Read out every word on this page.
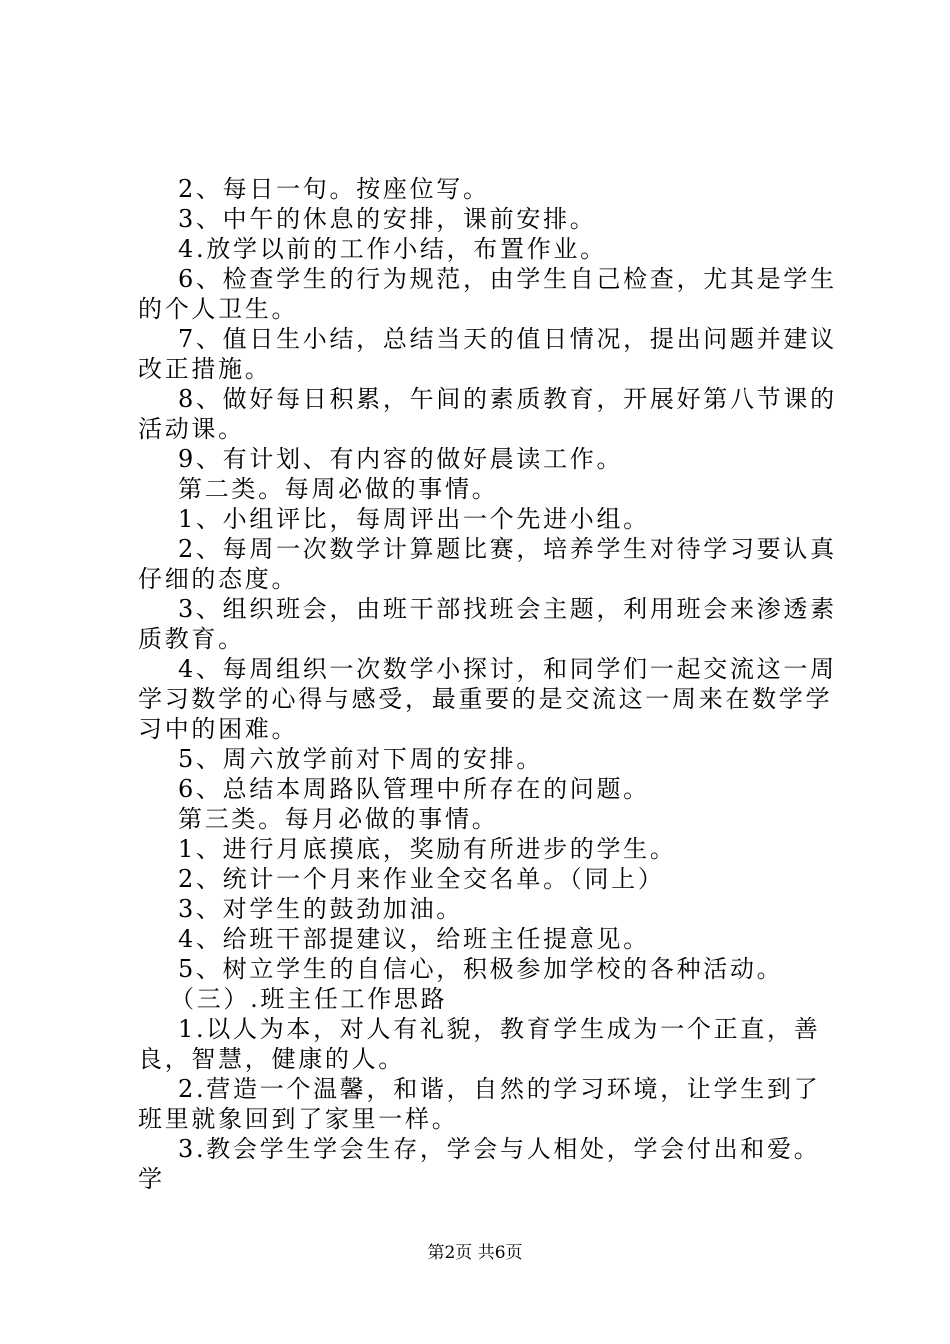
2、每日一句。按座位写。

3、中午的休息的安排，课前安排。

4.放学以前的工作小结，布置作业。

6、检查学生的行为规范，由学生自己检查，尤其是学生的个人卫生。

7、值日生小结，总结当天的值日情况，提出问题并建议改正措施。

8、做好每日积累，午间的素质教育，开展好第八节课的活动课。

9、有计划、有内容的做好晨读工作。

第二类。每周必做的事情。

1、小组评比，每周评出一个先进小组。

2、每周一次数学计算题比赛，培养学生对待学习要认真仔细的态度。

3、组织班会，由班干部找班会主题，利用班会来渗透素质教育。

4、每周组织一次数学小探讨，和同学们一起交流这一周学习数学的心得与感受，最重要的是交流这一周来在数学学习中的困难。

5、周六放学前对下周的安排。

6、总结本周路队管理中所存在的问题。

第三类。每月必做的事情。

1、进行月底摸底，奖励有所进步的学生。

2、统计一个月来作业全交名单。（同上）

3、对学生的鼓劲加油。

4、给班干部提建议，给班主任提意见。

5、树立学生的自信心，积极参加学校的各种活动。

（三）.班主任工作思路

1.以人为本，对人有礼貌，教育学生成为一个正直，善良，智慧，健康的人。

2.营造一个温馨，和谐，自然的学习环境，让学生到了班里就象回到了家里一样。

3.教会学生学会生存，学会与人相处，学会付出和爱。学

第2页 共6页
